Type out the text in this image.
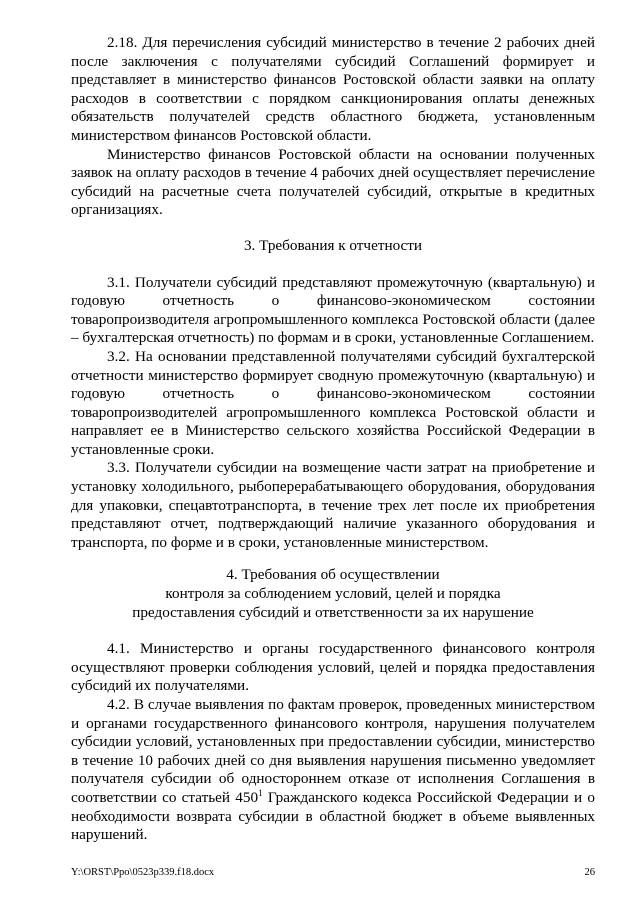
2.18. Для перечисления субсидий министерство в течение 2 рабочих дней после заключения с получателями субсидий Соглашений формирует и представляет в министерство финансов Ростовской области заявки на оплату расходов в соответствии с порядком санкционирования оплаты денежных обязательств получателей средств областного бюджета, установленным министерством финансов Ростовской области.

Министерство финансов Ростовской области на основании полученных заявок на оплату расходов в течение 4 рабочих дней осуществляет перечисление субсидий на расчетные счета получателей субсидий, открытые в кредитных организациях.

3. Требования к отчетности

3.1. Получатели субсидий представляют промежуточную (квартальную) и годовую отчетность о финансово-экономическом состоянии товаропроизводителя агропромышленного комплекса Ростовской области (далее – бухгалтерская отчетность) по формам и в сроки, установленные Соглашением.

3.2. На основании представленной получателями субсидий бухгалтерской отчетности министерство формирует сводную промежуточную (квартальную) и годовую отчетность о финансово-экономическом состоянии товаропроизводителей агропромышленного комплекса Ростовской области и направляет ее в Министерство сельского хозяйства Российской Федерации в установленные сроки.

3.3. Получатели субсидии на возмещение части затрат на приобретение и установку холодильного, рыбоперерабатывающего оборудования, оборудования для упаковки, спецавтотранспорта, в течение трех лет после их приобретения представляют отчет, подтверждающий наличие указанного оборудования и транспорта, по форме и в сроки, установленные министерством.

4. Требования об осуществлении
контроля за соблюдением условий, целей и порядка
предоставления субсидий и ответственности за их нарушение

4.1. Министерство и органы государственного финансового контроля осуществляют проверки соблюдения условий, целей и порядка предоставления субсидий их получателями.

4.2. В случае выявления по фактам проверок, проведенных министерством и органами государственного финансового контроля, нарушения получателем субсидии условий, установленных при предоставлении субсидии, министерство в течение 10 рабочих дней со дня выявления нарушения письменно уведомляет получателя субсидии об одностороннем отказе от исполнения Соглашения в соответствии со статьей $450^1$ Гражданского кодекса Российской Федерации и о необходимости возврата субсидии в областной бюджет в объеме выявленных нарушений.

Y:\ORST\Ppo\0523p339.f18.docx	26
